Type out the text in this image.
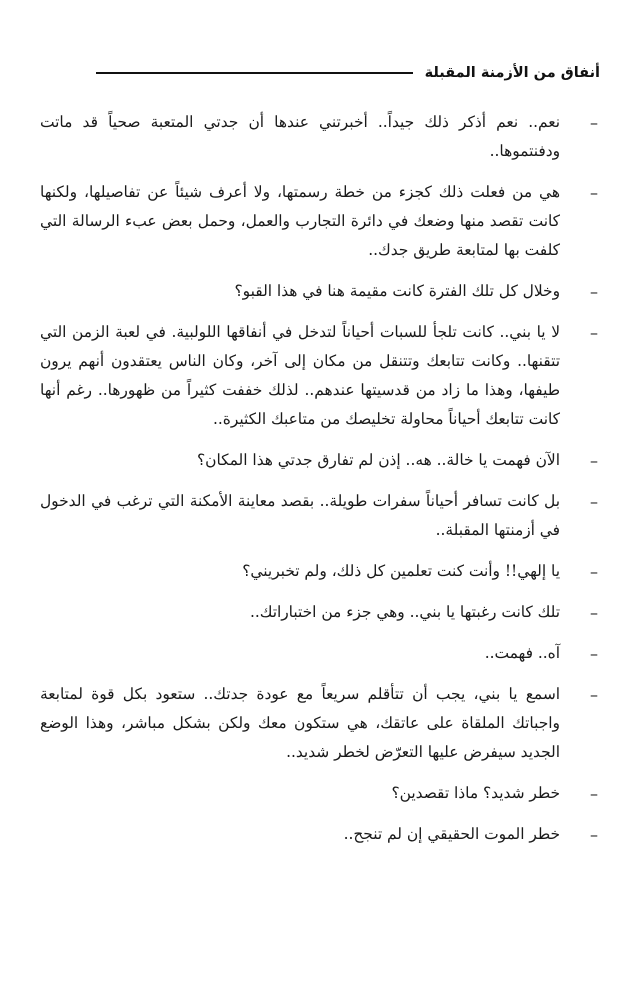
أنفاق من الأزمنة المقبلة
–
نعم.. نعم أذكر ذلك جيداً.. أخبرتني عندها أن جدتي المتعبة صحياً قد ماتت ودفنتموها..
–
هي من فعلت ذلك كجزء من خطة رسمتها، ولا أعرف شيئاً عن تفاصيلها، ولكنها كانت تقصد منها وضعك في دائرة التجارب والعمل، وحمل بعض عبء الرسالة التي كلفت بها لمتابعة طريق جدك..
–
وخلال كل تلك الفترة كانت مقيمة هنا في هذا القبو؟
–
لا يا بني.. كانت تلجأ للسبات أحياناً لتدخل في أنفاقها اللولبية. في لعبة الزمن التي تتقنها.. وكانت تتابعك وتتنقل من مكان إلى آخر، وكان الناس يعتقدون أنهم يرون طيفها، وهذا ما زاد من قدسيتها عندهم.. لذلك خففت كثيراً من ظهورها.. رغم أنها كانت تتابعك أحياناً محاولة تخليصك من متاعبك الكثيرة..
–
الآن فهمت يا خالة.. هه.. إذن لم تفارق جدتي هذا المكان؟
–
بل كانت تسافر أحياناً سفرات طويلة.. بقصد معاينة الأمكنة التي ترغب في الدخول في أزمنتها المقبلة..
–
يا إلهي!! وأنت كنت تعلمين كل ذلك، ولم تخبريني؟
–
تلك كانت رغبتها يا بني.. وهي جزء من اختباراتك..
–
آه.. فهمت..
–
اسمع يا بني، يجب أن تتأقلم سريعاً مع عودة جدتك.. ستعود بكل قوة لمتابعة واجباتك الملقاة على عاتقك، هي ستكون معك ولكن بشكل مباشر، وهذا الوضع الجديد سيفرض عليها التعرّض لخطر شديد..
–
خطر شديد؟ ماذا تقصدين؟
–
خطر الموت الحقيقي إن لم تنجح..
